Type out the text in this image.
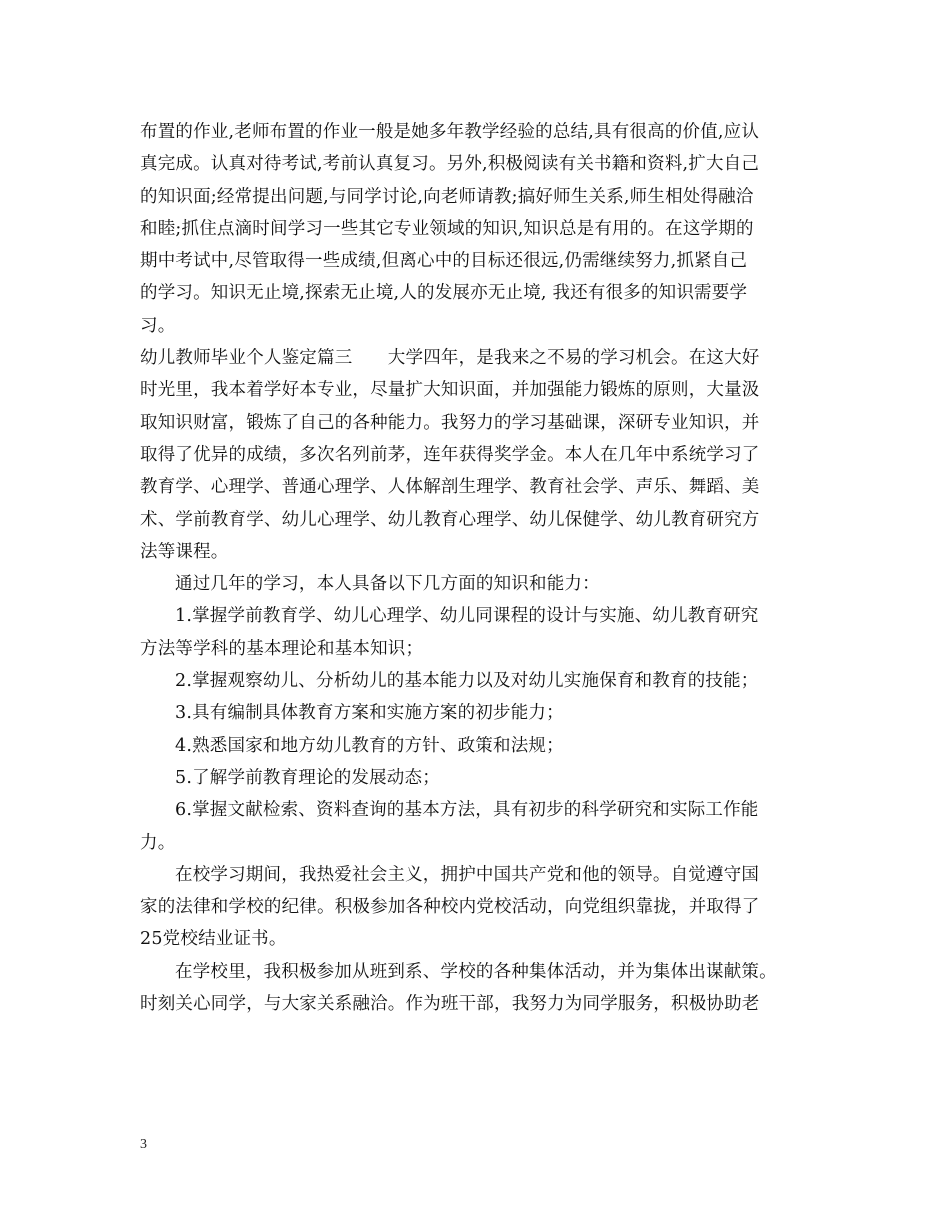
布置的作业,老师布置的作业一般是她多年教学经验的总结,具有很高的价值,应认
真完成。认真对待考试,考前认真复习。另外,积极阅读有关书籍和资料,扩大自己
的知识面;经常提出问题,与同学讨论,向老师请教;搞好师生关系,师生相处得融洽
和睦;抓住点滴时间学习一些其它专业领域的知识,知识总是有用的。在这学期的
期中考试中,尽管取得一些成绩,但离心中的目标还很远,仍需继续努力,抓紧自己
的学习。知识无止境,探索无止境,人的发展亦无止境, 我还有很多的知识需要学
习。
幼儿教师毕业个人鉴定篇三　　大学四年，是我来之不易的学习机会。在这大好
时光里，我本着学好本专业，尽量扩大知识面，并加强能力锻炼的原则，大量汲
取知识财富，锻炼了自己的各种能力。我努力的学习基础课，深研专业知识，并
取得了优异的成绩，多次名列前茅，连年获得奖学金。本人在几年中系统学习了
教育学、心理学、普通心理学、人体解剖生理学、教育社会学、声乐、舞蹈、美
术、学前教育学、幼儿心理学、幼儿教育心理学、幼儿保健学、幼儿教育研究方
法等课程。
通过几年的学习，本人具备以下几方面的知识和能力：
1.掌握学前教育学、幼儿心理学、幼儿同课程的设计与实施、幼儿教育研究
方法等学科的基本理论和基本知识；
2.掌握观察幼儿、分析幼儿的基本能力以及对幼儿实施保育和教育的技能；
3.具有编制具体教育方案和实施方案的初步能力；
4.熟悉国家和地方幼儿教育的方针、政策和法规；
5.了解学前教育理论的发展动态；
6.掌握文献检索、资料查询的基本方法，具有初步的科学研究和实际工作能
力。
在校学习期间，我热爱社会主义，拥护中国共产党和他的领导。自觉遵守国
家的法律和学校的纪律。积极参加各种校内党校活动，向党组织靠拢，并取得了
25党校结业证书。
在学校里，我积极参加从班到系、学校的各种集体活动，并为集体出谋献策。
时刻关心同学，与大家关系融洽。作为班干部，我努力为同学服务，积极协助老
3
